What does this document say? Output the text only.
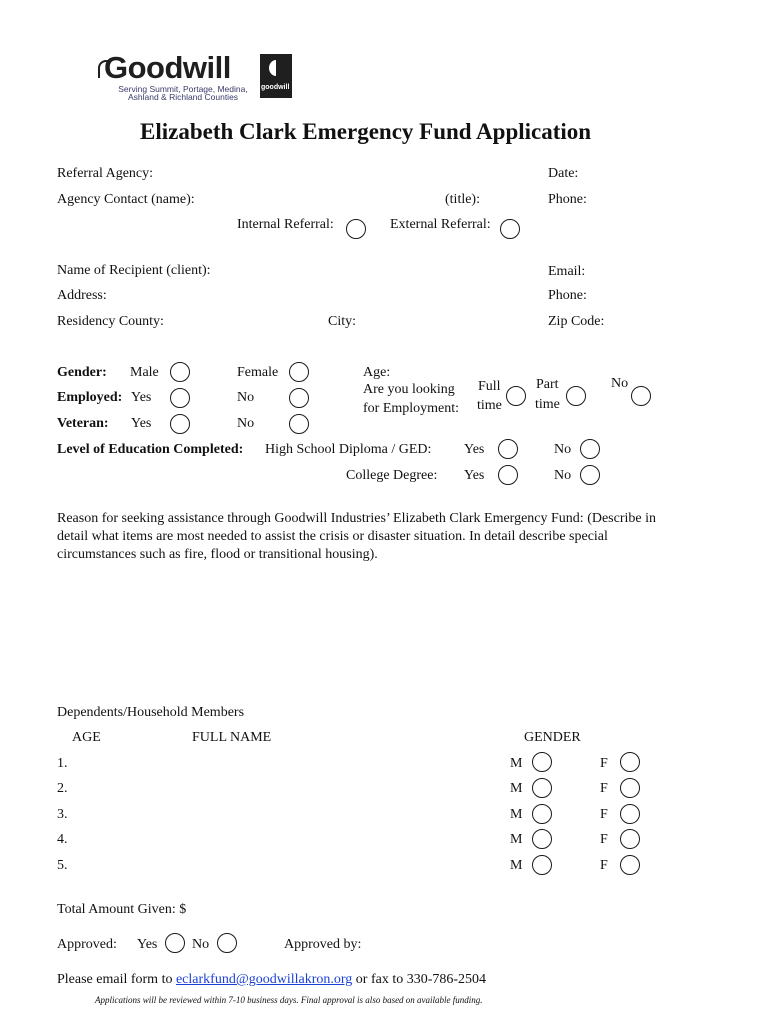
Goodwill
goodwill
Serving Summit, Portage, Medina,
Ashland & Richland Counties
Elizabeth Clark Emergency Fund Application
Referral Agency:	Date:
Agency Contact (name):	(title):	Phone:
Internal Referral:	External Referral:
Name of Recipient (client):	Email:
Address:	Phone:
Residency County:	City:	Zip Code:
Gender: Male	Female
Employed: Yes	No
Veteran: Yes	No
Age:
Are you looking
for Employment:
Full
time
Part
time
No
Level of Education Completed: High School Diploma / GED: Yes	No
College Degree: Yes	No
Reason for seeking assistance through Goodwill Industries’ Elizabeth Clark Emergency Fund: (Describe in
detail what items are most needed to assist the crisis or disaster situation. In detail describe special
circumstances such as fire, flood or transitional housing).
Dependents/Household Members
AGE	FULL NAME	GENDER
1.	M	F
2.	M	F
3.	M	F
4.	M	F
5.	M	F
Total Amount Given: $
Approved: Yes No	Approved by:
Please email form to eclarkfund@goodwillakron.org or fax to 330-786-2504
Applications will be reviewed within 7-10 business days. Final approval is also based on available funding.
